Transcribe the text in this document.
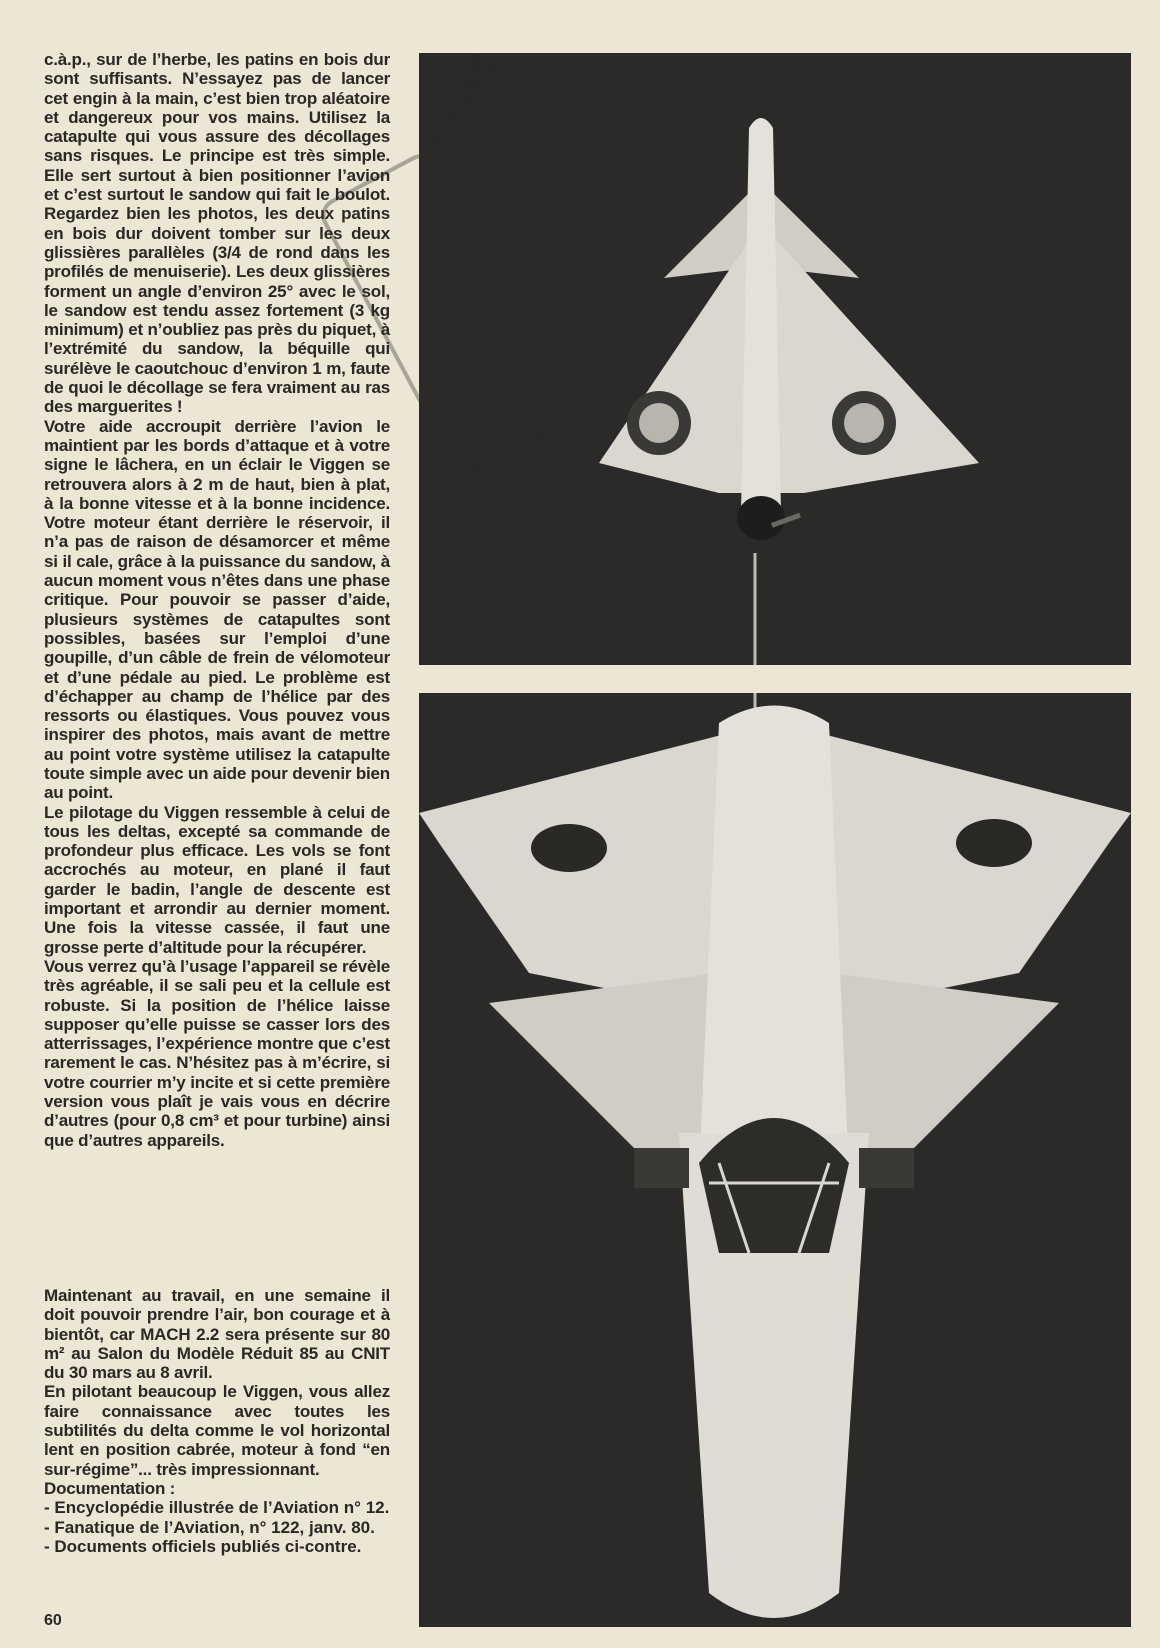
c.à.p., sur de l’herbe, les patins en bois dur sont suffisants. N’essayez pas de lancer cet engin à la main, c’est bien trop aléatoire et dangereux pour vos mains. Utilisez la catapulte qui vous assure des décollages sans risques. Le principe est très simple. Elle sert surtout à bien positionner l’avion et c’est surtout le sandow qui fait le boulot. Regardez bien les photos, les deux patins en bois dur doivent tomber sur les deux glissières parallèles (3/4 de rond dans les profilés de menuiserie). Les deux glissières forment un angle d’environ 25° avec le sol, le sandow est tendu assez fortement (3 kg minimum) et n’oubliez pas près du piquet, à l’extrémité du sandow, la béquille qui surélève le caoutchouc d’environ 1 m, faute de quoi le décollage se fera vraiment au ras des marguerites !

Votre aide accroupit derrière l’avion le maintient par les bords d’attaque et à votre signe le lâchera, en un éclair le Viggen se retrouvera alors à 2 m de haut, bien à plat, à la bonne vitesse et à la bonne incidence. Votre moteur étant derrière le réservoir, il n’a pas de raison de désamorcer et même si il cale, grâce à la puissance du sandow, à aucun moment vous n’êtes dans une phase critique. Pour pouvoir se passer d’aide, plusieurs systèmes de catapultes sont possibles, basées sur l’emploi d’une goupille, d’un câble de frein de vélomoteur et d’une pédale au pied. Le problème est d’échapper au champ de l’hélice par des ressorts ou élastiques. Vous pouvez vous inspirer des photos, mais avant de mettre au point votre système utilisez la catapulte toute simple avec un aide pour devenir bien au point.

Le pilotage du Viggen ressemble à celui de tous les deltas, excepté sa commande de profondeur plus efficace. Les vols se font accrochés au moteur, en plané il faut garder le badin, l’angle de descente est important et arrondir au dernier moment. Une fois la vitesse cassée, il faut une grosse perte d’altitude pour la récupérer.

Vous verrez qu’à l’usage l’appareil se révèle très agréable, il se sali peu et la cellule est robuste. Si la position de l’hélice laisse supposer qu’elle puisse se casser lors des atterrissages, l’expérience montre que c’est rarement le cas. N’hésitez pas à m’écrire, si votre courrier m’y incite et si cette première version vous plaît je vais vous en décrire d’autres (pour 0,8 cm³ et pour turbine) ainsi que d’autres appareils.

Maintenant au travail, en une semaine il doit pouvoir prendre l’air, bon courage et à bientôt, car MACH 2.2 sera présente sur 80 m² au Salon du Modèle Réduit 85 au CNIT du 30 mars au 8 avril.

En pilotant beaucoup le Viggen, vous allez faire connaissance avec toutes les subtilités du delta comme le vol horizontal lent en position cabrée, moteur à fond “en sur-régime”... très impressionnant.

Documentation :

- Encyclopédie illustrée de l’Aviation n° 12.
- Fanatique de l’Aviation, n° 122, janv. 80.
- Documents officiels publiés ci-contre.
60
.COM
